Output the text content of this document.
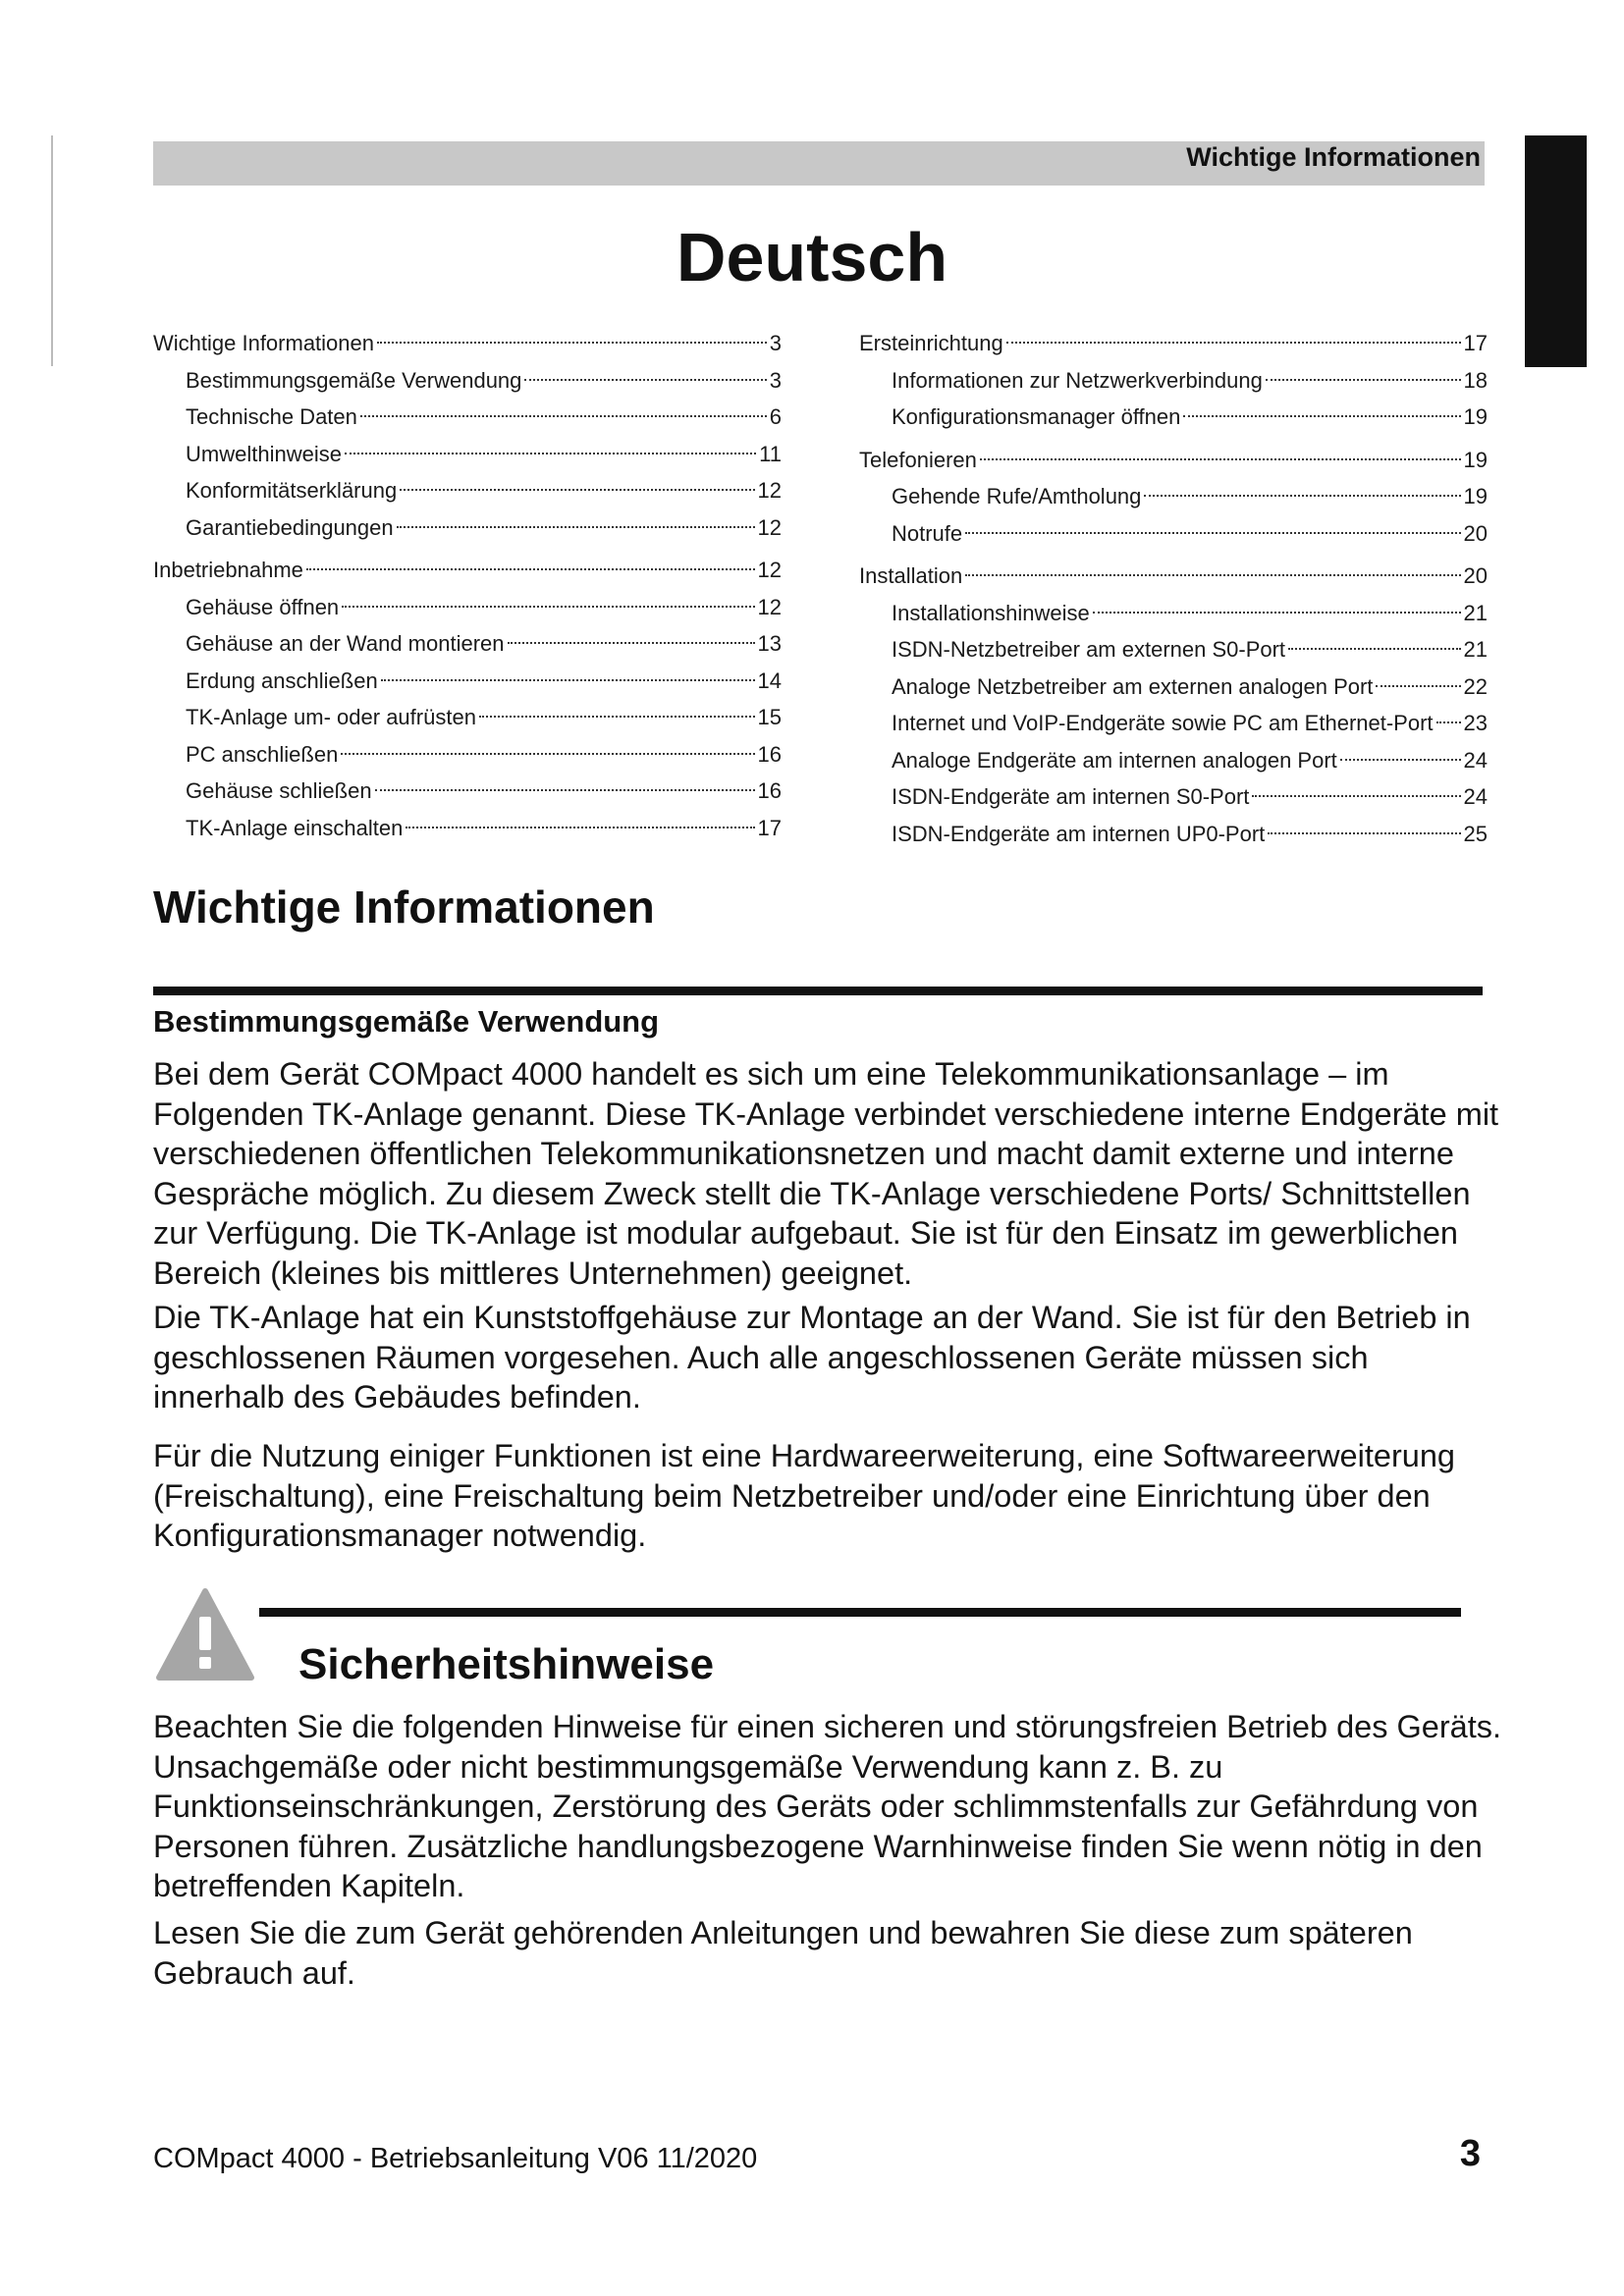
Wichtige Informationen
Deutsch
Wichtige Informationen	3
Bestimmungsgemäße Verwendung	3
Technische Daten	6
Umwelthinweise	11
Konformitätserklärung	12
Garantiebedingungen	12
Inbetriebnahme	12
Gehäuse öffnen	12
Gehäuse an der Wand montieren	13
Erdung anschließen	14
TK-Anlage um- oder aufrüsten	15
PC anschließen	16
Gehäuse schließen	16
TK-Anlage einschalten	17
Ersteinrichtung	17
Informationen zur Netzwerkverbindung	18
Konfigurationsmanager öffnen	19
Telefonieren	19
Gehende Rufe/Amtholung	19
Notrufe	20
Installation	20
Installationshinweise	21
ISDN-Netzbetreiber am externen S0-Port	21
Analoge Netzbetreiber am externen analogen Port	22
Internet und VoIP-Endgeräte sowie PC am Ethernet-Port 23
Analoge Endgeräte am internen analogen Port	24
ISDN-Endgeräte am internen S0-Port	24
ISDN-Endgeräte am internen UP0-Port	25
Wichtige Informationen
Bestimmungsgemäße Verwendung

Bei dem Gerät COMpact 4000 handelt es sich um eine Telekommunikationsanlage – im Folgenden TK-Anlage genannt. Diese TK-Anlage verbindet verschiedene interne Endgeräte mit verschiedenen öffentlichen Telekommunikationsnetzen und macht damit externe und interne Gespräche möglich. Zu diesem Zweck stellt die TK-Anlage verschiedene Ports/ Schnittstellen zur Verfügung. Die TK-Anlage ist modular aufgebaut. Sie ist für den Einsatz im gewerblichen Bereich (kleines bis mittleres Unternehmen) geeignet.

Die TK-Anlage hat ein Kunststoffgehäuse zur Montage an der Wand. Sie ist für den Betrieb in geschlossenen Räumen vorgesehen. Auch alle angeschlossenen Geräte müssen sich innerhalb des Gebäudes befinden.

Für die Nutzung einiger Funktionen ist eine Hardwareerweiterung, eine Softwareerweiterung (Freischaltung), eine Freischaltung beim Netzbetreiber und/oder eine Einrichtung über den Konfigurationsmanager notwendig.

Sicherheitshinweise

Beachten Sie die folgenden Hinweise für einen sicheren und störungsfreien Betrieb des Geräts. Unsachgemäße oder nicht bestimmungsgemäße Verwendung kann z. B. zu Funktionseinschränkungen, Zerstörung des Geräts oder schlimmstenfalls zur Gefährdung von Personen führen. Zusätzliche handlungsbezogene Warnhinweise finden Sie wenn nötig in den betreffenden Kapiteln.

Lesen Sie die zum Gerät gehörenden Anleitungen und bewahren Sie diese zum späteren Gebrauch auf.

COMpact 4000 - Betriebsanleitung V06 11/2020	3
